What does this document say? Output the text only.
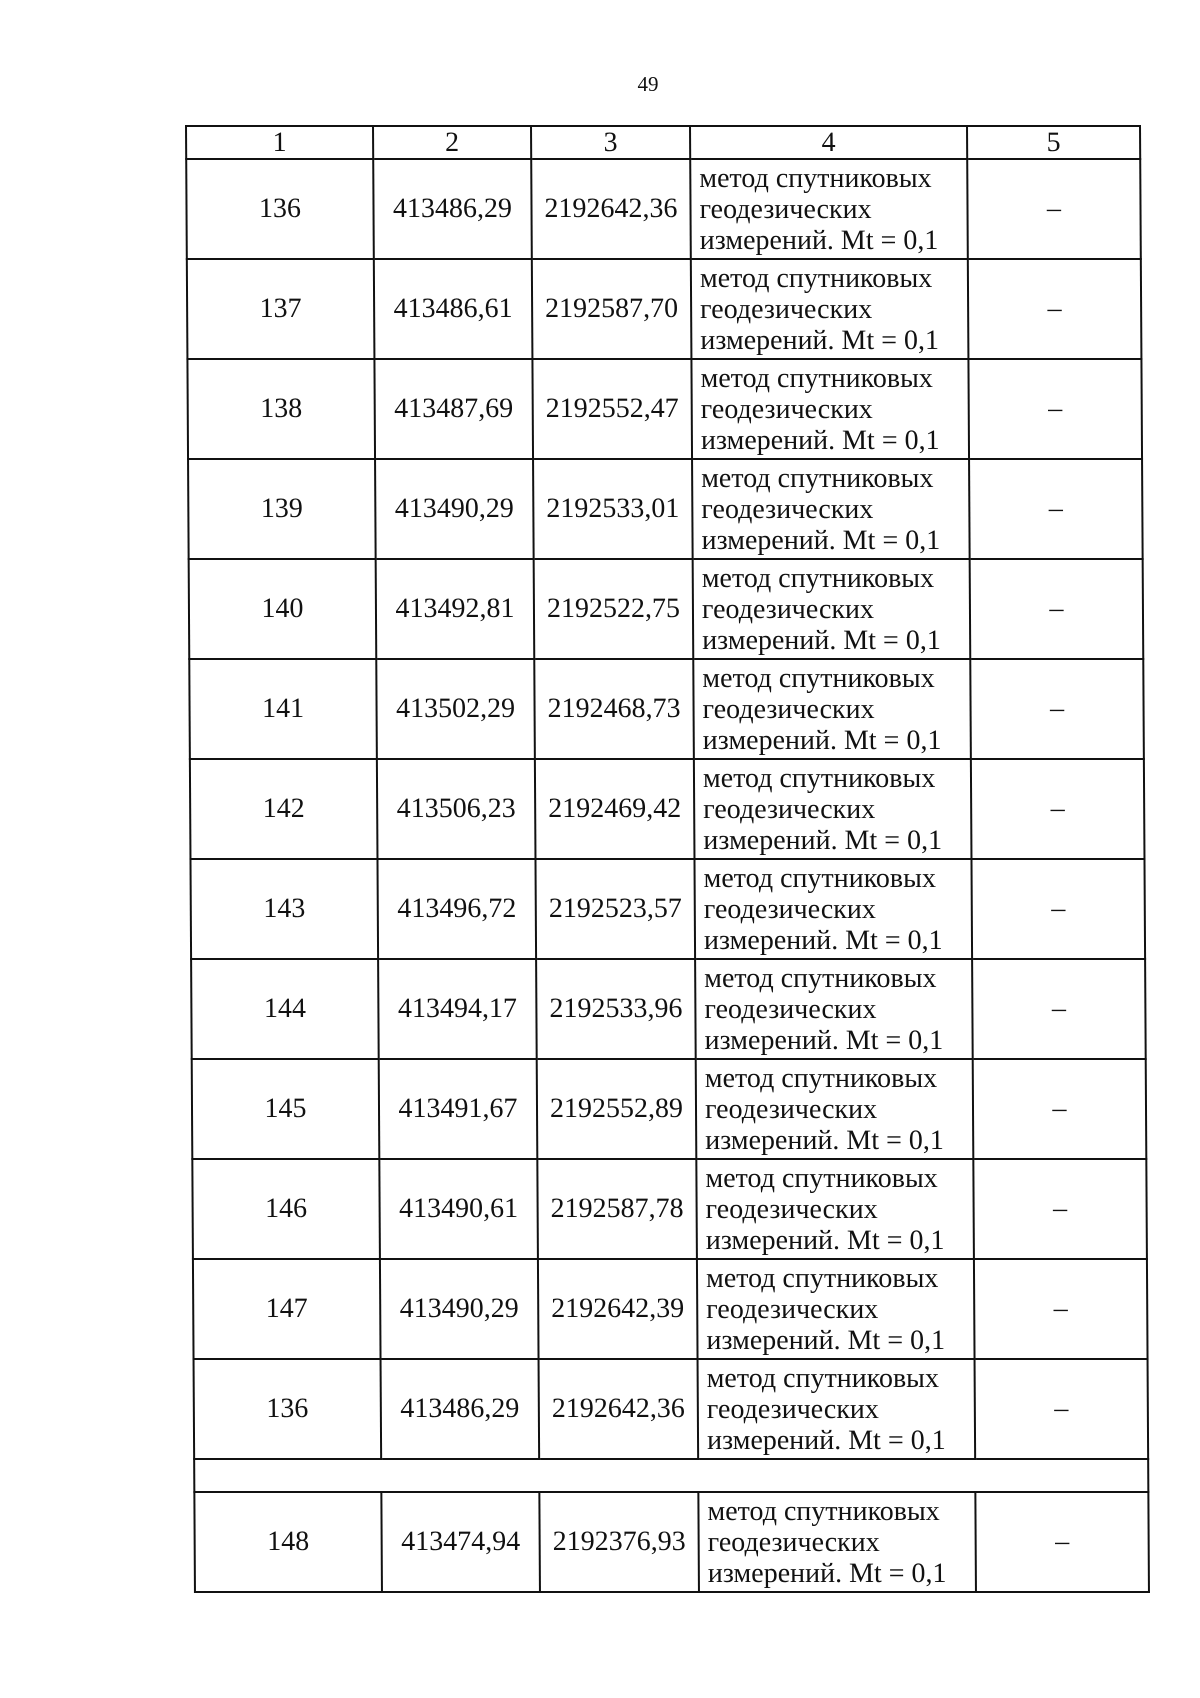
49
1	2	3	4	5
136	413486,29	2192642,36	метод спутниковых геодезических измерений. Mt = 0,1	–
137	413486,61	2192587,70	метод спутниковых геодезических измерений. Mt = 0,1	–
138	413487,69	2192552,47	метод спутниковых геодезических измерений. Mt = 0,1	–
139	413490,29	2192533,01	метод спутниковых геодезических измерений. Mt = 0,1	–
140	413492,81	2192522,75	метод спутниковых геодезических измерений. Mt = 0,1	–
141	413502,29	2192468,73	метод спутниковых геодезических измерений. Mt = 0,1	–
142	413506,23	2192469,42	метод спутниковых геодезических измерений. Mt = 0,1	–
143	413496,72	2192523,57	метод спутниковых геодезических измерений. Mt = 0,1	–
144	413494,17	2192533,96	метод спутниковых геодезических измерений. Mt = 0,1	–
145	413491,67	2192552,89	метод спутниковых геодезических измерений. Mt = 0,1	–
146	413490,61	2192587,78	метод спутниковых геодезических измерений. Mt = 0,1	–
147	413490,29	2192642,39	метод спутниковых геодезических измерений. Mt = 0,1	–
136	413486,29	2192642,36	метод спутниковых геодезических измерений. Mt = 0,1	–

148	413474,94	2192376,93	метод спутниковых геодезических измерений. Mt = 0,1	–
